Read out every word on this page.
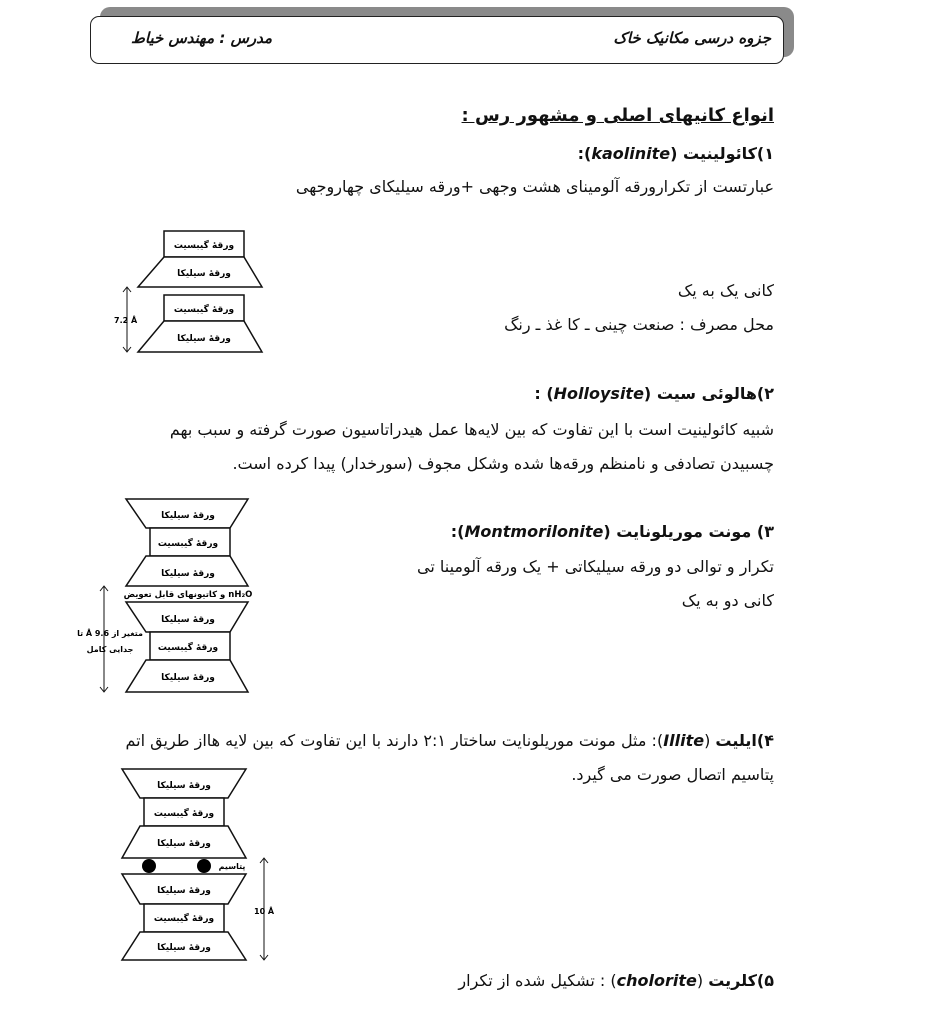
جزوه درسی مکانیک خاک
مدرس : مهندس خیاط
انواع کانیهای اصلی و مشهور رس :
۱)کائولینیت (kaolinite):
عبارتست از تکرارورقه آلومینای هشت وجهی +ورقه سیلیکای چهاروجهی
کانی یک به یک
محل مصرف : صنعت چینی ـ کا غذ ـ رنگ
ورقهٔ گیبسیت
ورقهٔ سیلیکا
ورقهٔ گیبسیت
ورقهٔ سیلیکا
7.2 Å
۲)هالوئی سیت (Holloysite) :
شبیه کائولینیت است با این تفاوت که بین لایه‌ها عمل هیدراتاسیون صورت گرفته و سبب بهم
چسبیدن تصادفی و نامنظم ورقه‌ها شده وشکل مجوف (سورخدار) پیدا کرده است.
۳) مونت موریلونایت (Montmorilonite):
تکرار و توالی دو ورقه سیلیکاتی + یک ورقه آلومینا تی
کانی دو به یک
ورقهٔ سیلیکا
ورقهٔ گیبسیت
ورقهٔ سیلیکا
nH₂O و کاتیونهای قابل تعویض
ورقهٔ سیلیکا
ورقهٔ گیبسیت
ورقهٔ سیلیکا
متغیر از 9.6 Å تا
جدایی کامل
۴)ایلیت (Illite): مثل مونت موریلونایت ساختار ۲:۱ دارند با این تفاوت که بین لایه هااز طریق اتم
پتاسیم اتصال صورت می گیرد.
ورقهٔ سیلیکا
ورقهٔ گیبسیت
ورقهٔ سیلیکا
پتاسیم
ورقهٔ سیلیکا
ورقهٔ گیبسیت
ورقهٔ سیلیکا
10 Å
۵)کلریت (cholorite) : تشکیل شده از تکرار
